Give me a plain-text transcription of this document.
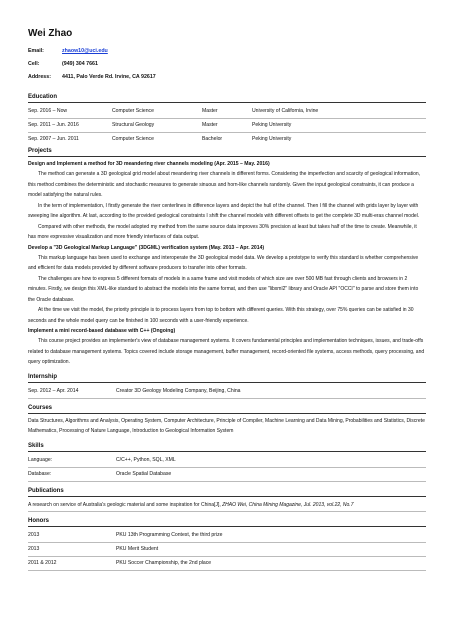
Wei Zhao
Email:	zhaow10@uci.edu
Cell:	(949) 304 7661
Address:	4411, Palo Verde Rd. Irvine, CA 92617
Education
Sep. 2016 – Now	Computer Science	Master	University of California, Irvine
Sep. 2011 – Jun. 2016	Structural Geology	Master	Peking University
Sep. 2007 – Jun. 2011	Computer Science	Bachelor	Peking University
Projects
Design and Implement a method for 3D meandering river channels modeling (Apr. 2015 – May. 2016)

The method can generate a 3D geological grid model about meandering river channels in different forms. Considering the imperfection and scarcity of geological information, this method combines the deterministic and stochastic measures to generate sinuous and horn-like channels randomly. Given the input geological constraints, it can produce a model satisfying the natural rules.

In the term of implementation, I firstly generate the river centerlines in difference layers and depict the hull of the channel. Then I fill the channel with grids layer by layer with sweeping line algorithm. At last, according to the provided geological constraints I shift the channel models with different offsets to get the complete 3D multi-eras channel model.

Compared with other methods, the model adopted my method from the same source data improves 30% precision at least but takes half of the time to create. Meanwhile, it has more expressive visualization and more friendly interfaces of data output.

Develop a "3D Geological Markup Language" (3DGML) verification system (May. 2013 – Apr. 2014)

This markup language has been used to exchange and interoperate the 3D geological model data. We develop a prototype to verify this standard is whether comprehensive and efficient for data models provided by different software producers to transfer into other formats.

The challenges are how to express 5 different formats of models in a same frame and visit models of which size are over 500 MB fast through clients and browsers in 2 minutes. Firstly, we design this XML-like standard to abstract the models into the same format, and then use "libxml2" library and Oracle API "OCCI" to parse and store them into the Oracle database.

At the time we visit the model, the priority principle is to process layers from top to bottom with different queries. With this strategy, over 75% queries can be satisfied in 30 seconds and the whole model query can be finished in 100 seconds with a user-friendly experience.

Implement a mini record-based database with C++ (Ongoing)

This course project provides an implementer's view of database management systems. It covers fundamental principles and implementation techniques, issues, and trade-offs related to database management systems. Topics covered include storage management, buffer management, record-oriented file systems, access methods, query processing, and query optimization.

Internship
Sep. 2012 – Apr. 2014	Creator 3D Geology Modeling Company, Beijing, China
Courses

Data Structures, Algorithms and Analysis, Operating System, Computer Architecture, Principle of Compiler, Machine Learning and Data Mining, Probabilities and Statistics, Discrete Mathematics, Processing of Nature Language, Introduction to Geological Information System

Skills
Language:	C/C++, Python, SQL, XML
Database:	Oracle Spatial Database
Publications
A research on service of Australia's geologic material and some inspiration for China[J], ZHAO Wei, China Mining Magazine, Jul. 2013, vol.22, No.7
Honors
2013	PKU 13th Programming Contest, the third prize
2013	PKU Merit Student
2011 & 2012	PKU Soccer Championship, the 2nd place
